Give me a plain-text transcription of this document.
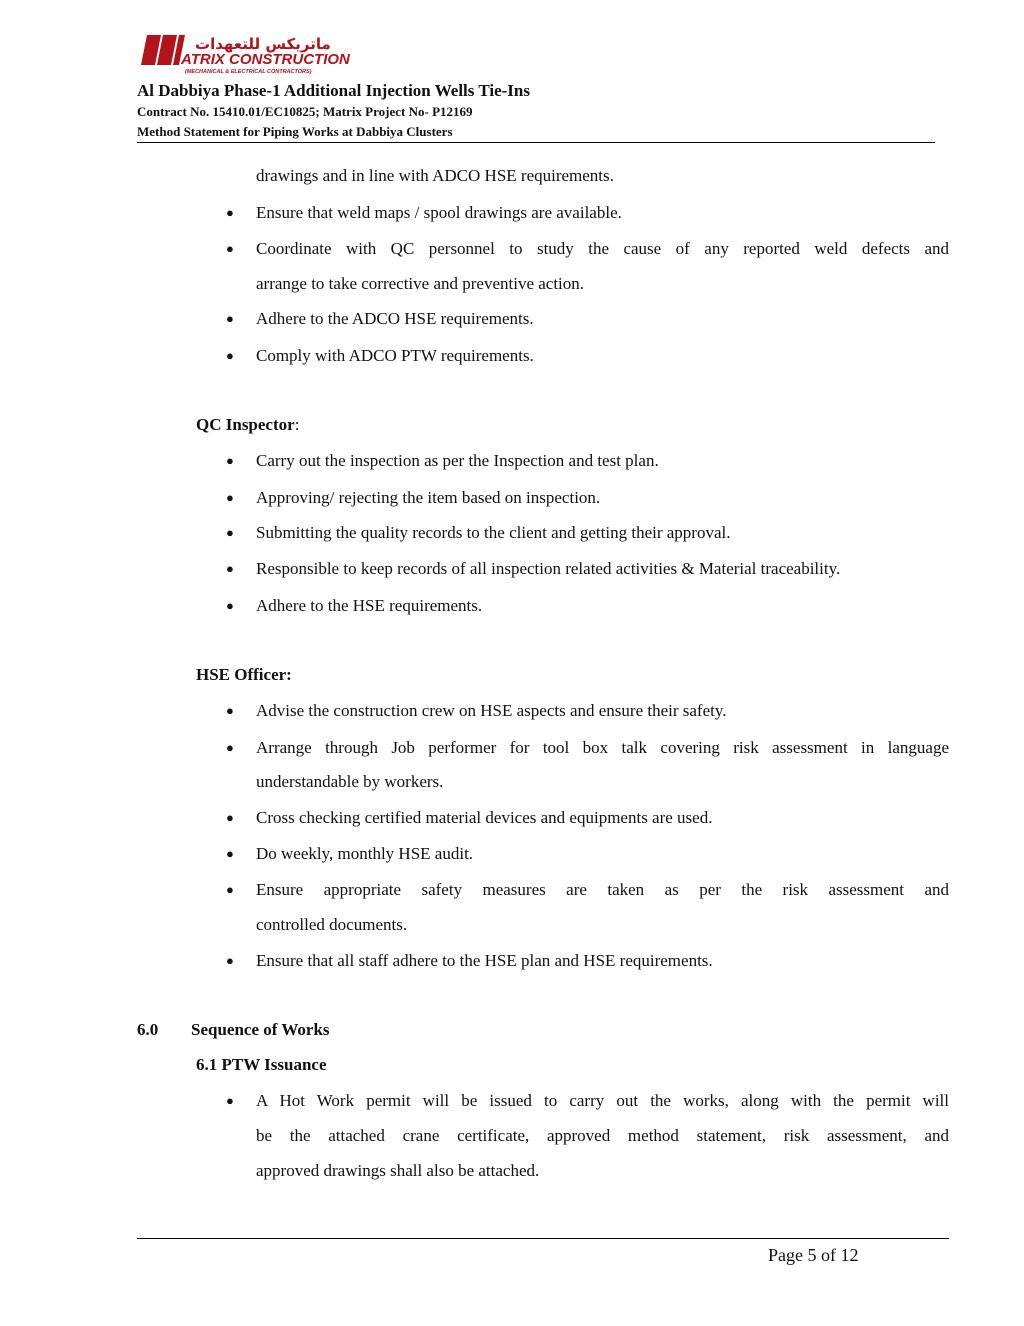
ماتريكس للتعهدات
ATRIX CONSTRUCTION
(MECHANICAL & ELECTRICAL CONTRACTORS)
Al Dabbiya Phase-1 Additional Injection Wells Tie-Ins
Contract No. 15410.01/EC10825; Matrix Project No- P12169
Method Statement for Piping Works at Dabbiya Clusters
drawings and in line with ADCO HSE requirements.
● Ensure that weld maps / spool drawings are available.
● Coordinate with QC personnel to study the cause of any reported weld defects and
arrange to take corrective and preventive action.
● Adhere to the ADCO HSE requirements.
● Comply with ADCO PTW requirements.
QC Inspector:
● Carry out the inspection as per the Inspection and test plan.
● Approving/ rejecting the item based on inspection.
● Submitting the quality records to the client and getting their approval.
● Responsible to keep records of all inspection related activities & Material traceability.
● Adhere to the HSE requirements.
HSE Officer:
● Advise the construction crew on HSE aspects and ensure their safety.
● Arrange through Job performer for tool box talk covering risk assessment in language
understandable by workers.
● Cross checking certified material devices and equipments are used.
● Do weekly, monthly HSE audit.
● Ensure appropriate safety measures are taken as per the risk assessment and
controlled documents.
● Ensure that all staff adhere to the HSE plan and HSE requirements.
6.0 Sequence of Works
6.1 PTW Issuance
● A Hot Work permit will be issued to carry out the works, along with the permit will
be the attached crane certificate, approved method statement, risk assessment, and
approved drawings shall also be attached.
Page 5 of 12
